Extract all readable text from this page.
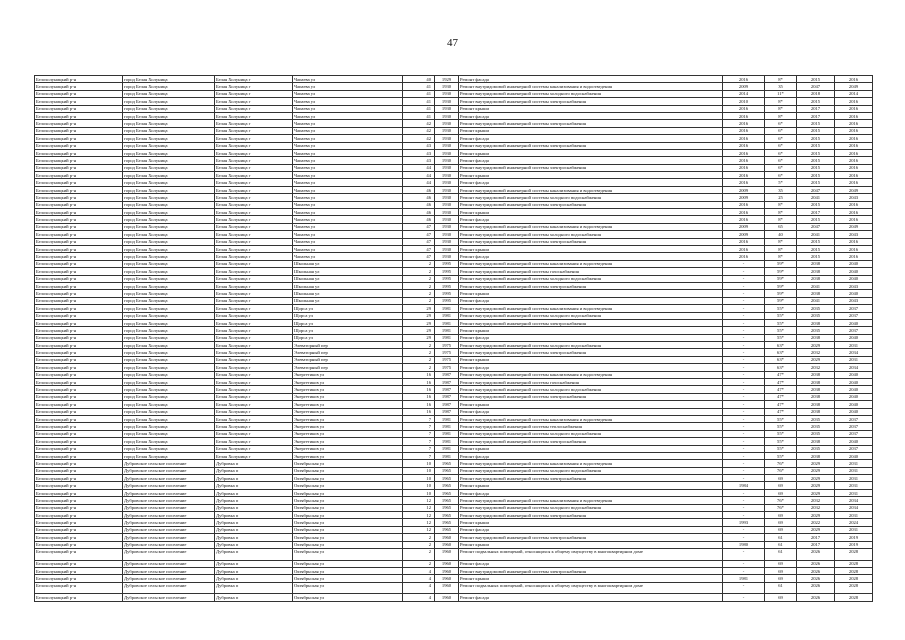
47
Белохолуницкий р-н	город Белая Холуница	Белая Холуница г	Чапаева ул	40	1929	Ремонт фасада	2016	8*	2015	2016
Белохолуницкий р-н	город Белая Холуница	Белая Холуница г	Чапаева ул	41	1930	Ремонт внутридомовой инженерной системы канализования и водоотведения	2009	35	2047	2049
Белохолуницкий р-н	город Белая Холуница	Белая Холуница г	Чапаева ул	41	1930	Ремонт внутридомовой инженерной системы холодного водоснабжения	2014	11*	2018	2014
Белохолуницкий р-н	город Белая Холуница	Белая Холуница г	Чапаева ул	41	1930	Ремонт внутридомовой инженерной системы электроснабжения	2010	8*	2015	2016
Белохолуницкий р-н	город Белая Холуница	Белая Холуница г	Чапаева ул	41	1930	Ремонт крыши	2016	8*	2017	2016
Белохолуницкий р-н	город Белая Холуница	Белая Холуница г	Чапаева ул	41	1930	Ремонт фасада	2016	8*	2017	2016
Белохолуницкий р-н	город Белая Холуница	Белая Холуница г	Чапаева ул	42	1930	Ремонт внутридомовой инженерной системы электроснабжения	2016	6*	2015	2016
Белохолуницкий р-н	город Белая Холуница	Белая Холуница г	Чапаева ул	42	1930	Ремонт крыши	2016	6*	2015	2016
Белохолуницкий р-н	город Белая Холуница	Белая Холуница г	Чапаева ул	42	1930	Ремонт фасада	2016	6*	2015	2016
Белохолуницкий р-н	город Белая Холуница	Белая Холуница г	Чапаева ул	43	1930	Ремонт внутридомовой инженерной системы электроснабжения	2016	6*	2015	2016
Белохолуницкий р-н	город Белая Холуница	Белая Холуница г	Чапаева ул	43	1930	Ремонт крыши	2016	6*	2015	2016
Белохолуницкий р-н	город Белая Холуница	Белая Холуница г	Чапаева ул	43	1930	Ремонт фасада	2016	6*	2015	2016
Белохолуницкий р-н	город Белая Холуница	Белая Холуница г	Чапаева ул	44	1930	Ремонт внутридомовой инженерной системы электроснабжения	2016	6*	2015	2016
Белохолуницкий р-н	город Белая Холуница	Белая Холуница г	Чапаева ул	44	1930	Ремонт крыши	2016	6*	2015	2016
Белохолуницкий р-н	город Белая Холуница	Белая Холуница г	Чапаева ул	44	1930	Ремонт фасада	2016	5*	2015	2016
Белохолуницкий р-н	город Белая Холуница	Белая Холуница г	Чапаева ул	46	1930	Ремонт внутридомовой инженерной системы канализования и водоотведения	2009	35	2047	2049
Белохолуницкий р-н	город Белая Холуница	Белая Холуница г	Чапаева ул	46	1930	Ремонт внутридомовой инженерной системы холодного водоснабжения	2009	25	2041	2043
Белохолуницкий р-н	город Белая Холуница	Белая Холуница г	Чапаева ул	46	1930	Ремонт внутридомовой инженерной системы электроснабжения	2016	8*	2015	2016
Белохолуницкий р-н	город Белая Холуница	Белая Холуница г	Чапаева ул	46	1930	Ремонт крыши	2016	8*	2017	2016
Белохолуницкий р-н	город Белая Холуница	Белая Холуница г	Чапаева ул	46	1930	Ремонт фасада	2016	8*	2015	2016
Белохолуницкий р-н	город Белая Холуница	Белая Холуница г	Чапаева ул	47	1930	Ремонт внутридомовой инженерной системы канализования и водоотведения	2009	65	2047	2049
Белохолуницкий р-н	город Белая Холуница	Белая Холуница г	Чапаева ул	47	1930	Ремонт внутридомовой инженерной системы холодного водоснабжения	2009	40	2041	2043
Белохолуницкий р-н	город Белая Холуница	Белая Холуница г	Чапаева ул	47	1930	Ремонт внутридомовой инженерной системы электроснабжения	2016	8*	2015	2016
Белохолуницкий р-н	город Белая Холуница	Белая Холуница г	Чапаева ул	47	1930	Ремонт крыши	2016	8*	2015	2016
Белохолуницкий р-н	город Белая Холуница	Белая Холуница г	Чапаева ул	47	1930	Ремонт фасада	2016	8*	2015	2016
Белохолуницкий р-н	город Белая Холуница	Белая Холуница г	Школьная ул	2	1995	Ремонт внутридомовой инженерной системы канализования и водоотведения	-	59*	2038	2040
Белохолуницкий р-н	город Белая Холуница	Белая Холуница г	Школьная ул	2	1995	Ремонт внутридомовой инженерной системы газоснабжения	-	59*	2038	2040
Белохолуницкий р-н	город Белая Холуница	Белая Холуница г	Школьная ул	2	1995	Ремонт внутридомовой инженерной системы холодного водоснабжения	-	59*	2038	2040
Белохолуницкий р-н	город Белая Холуница	Белая Холуница г	Школьная ул	2	1995	Ремонт внутридомовой инженерной системы электроснабжения	-	59*	2041	2043
Белохолуницкий р-н	город Белая Холуница	Белая Холуница г	Школьная ул	2	1995	Ремонт крыши	-	59*	2038	2040
Белохолуницкий р-н	город Белая Холуница	Белая Холуница г	Школьная ул	2	1995	Ремонт фасада	-	59*	2041	2043
Белохолуницкий р-н	город Белая Холуница	Белая Холуница г	Щорса ул	29	1981	Ремонт внутридомовой инженерной системы канализования и водоотведения	-	55*	2035	2037
Белохолуницкий р-н	город Белая Холуница	Белая Холуница г	Щорса ул	29	1981	Ремонт внутридомовой инженерной системы холодного водоснабжения	-	55*	2035	2037
Белохолуницкий р-н	город Белая Холуница	Белая Холуница г	Щорса ул	29	1981	Ремонт внутридомовой инженерной системы электроснабжения	-	55*	2038	2040
Белохолуницкий р-н	город Белая Холуница	Белая Холуница г	Щорса ул	29	1981	Ремонт крыши	-	55*	2035	2037
Белохолуницкий р-н	город Белая Холуница	Белая Холуница г	Щорса ул	29	1981	Ремонт фасада	-	55*	2038	2040
Белохолуницкий р-н	город Белая Холуница	Белая Холуница г	Элеваторный пер	2	1975	Ремонт внутридомовой инженерной системы холодного водоснабжения	-	63*	2029	2031
Белохолуницкий р-н	город Белая Холуница	Белая Холуница г	Элеваторный пер	2	1975	Ремонт внутридомовой инженерной системы электроснабжения	-	63*	2032	2034
Белохолуницкий р-н	город Белая Холуница	Белая Холуница г	Элеваторный пер	2	1975	Ремонт крыши	-	63*	2029	2031
Белохолуницкий р-н	город Белая Холуница	Белая Холуница г	Элеваторный пер	2	1975	Ремонт фасада	-	63*	2032	2034
Белохолуницкий р-н	город Белая Холуница	Белая Холуница г	Энергетиков ул	16	1987	Ремонт внутридомовой инженерной системы канализования и водоотведения	-	47*	2038	2040
Белохолуницкий р-н	город Белая Холуница	Белая Холуница г	Энергетиков ул	16	1987	Ремонт внутридомовой инженерной системы газоснабжения	-	47*	2038	2040
Белохолуницкий р-н	город Белая Холуница	Белая Холуница г	Энергетиков ул	16	1987	Ремонт внутридомовой инженерной системы холодного водоснабжения	-	47*	2038	2040
Белохолуницкий р-н	город Белая Холуница	Белая Холуница г	Энергетиков ул	16	1987	Ремонт внутридомовой инженерной системы электроснабжения	-	47*	2038	2040
Белохолуницкий р-н	город Белая Холуница	Белая Холуница г	Энергетиков ул	16	1987	Ремонт крыши	-	47*	2038	2040
Белохолуницкий р-н	город Белая Холуница	Белая Холуница г	Энергетиков ул	16	1987	Ремонт фасада	-	47*	2038	2040
Белохолуницкий р-н	город Белая Холуница	Белая Холуница г	Энергетиков ул	7	1981	Ремонт внутридомовой инженерной системы канализования и водоотведения	-	55*	2035	2037
Белохолуницкий р-н	город Белая Холуница	Белая Холуница г	Энергетиков ул	7	1981	Ремонт внутридомовой инженерной системы теплоснабжения	-	55*	2035	2037
Белохолуницкий р-н	город Белая Холуница	Белая Холуница г	Энергетиков ул	7	1981	Ремонт внутридомовой инженерной системы холодного водоснабжения	-	55*	2035	2037
Белохолуницкий р-н	город Белая Холуница	Белая Холуница г	Энергетиков ул	7	1981	Ремонт внутридомовой инженерной системы электроснабжения	-	55*	2038	2040
Белохолуницкий р-н	город Белая Холуница	Белая Холуница г	Энергетиков ул	7	1981	Ремонт крыши	-	55*	2035	2037
Белохолуницкий р-н	город Белая Холуница	Белая Холуница г	Энергетиков ул	7	1981	Ремонт фасада	-	55*	2038	2040
Белохолуницкий р-н	Дубровское сельское поселение	Дубровка п	Октябрьская ул	10	1965	Ремонт внутридомовой инженерной системы канализования и водоотведения	-	76*	2029	2031
Белохолуницкий р-н	Дубровское сельское поселение	Дубровка п	Октябрьская ул	10	1965	Ремонт внутридомовой инженерной системы холодного водоснабжения	-	76*	2029	2031
Белохолуницкий р-н	Дубровское сельское поселение	Дубровка п	Октябрьская ул	10	1965	Ремонт внутридомовой инженерной системы электроснабжения	-	69	2029	2031
Белохолуницкий р-н	Дубровское сельское поселение	Дубровка п	Октябрьская ул	10	1965	Ремонт крыши	1984	69	2029	2031
Белохолуницкий р-н	Дубровское сельское поселение	Дубровка п	Октябрьская ул	10	1965	Ремонт фасада	-	69	2029	2031
Белохолуницкий р-н	Дубровское сельское поселение	Дубровка п	Октябрьская ул	12	1965	Ремонт внутридомовой инженерной системы канализования и водоотведения	-	76*	2032	2034
Белохолуницкий р-н	Дубровское сельское поселение	Дубровка п	Октябрьская ул	12	1965	Ремонт внутридомовой инженерной системы холодного водоснабжения	-	76*	2032	2034
Белохолуницкий р-н	Дубровское сельское поселение	Дубровка п	Октябрьская ул	12	1965	Ремонт внутридомовой инженерной системы электроснабжения	-	69	2029	2031
Белохолуницкий р-н	Дубровское сельское поселение	Дубровка п	Октябрьская ул	12	1965	Ремонт крыши	1993	69	2022	2024
Белохолуницкий р-н	Дубровское сельское поселение	Дубровка п	Октябрьская ул	12	1965	Ремонт фасада	-	69	2029	2031
Белохолуницкий р-н	Дубровское сельское поселение	Дубровка п	Октябрьская ул	2	1960	Ремонт внутридомовой инженерной системы электроснабжения	-	61	2017	2019
Белохолуницкий р-н	Дубровское сельское поселение	Дубровка п	Октябрьская ул	2	1960	Ремонт крыши	1980	61	2017	2019
Белохолуницкий р-н	Дубровское сельское поселение	Дубровка п	Октябрьская ул	2	1960	Ремонт подвальных помещений, относящихся к общему имуществу в многоквартирном доме	-	61	2026	2028
Белохолуницкий р-н	Дубровское сельское поселение	Дубровка п	Октябрьская ул	2	1960	Ремонт фасада	-	69	2026	2028
Белохолуницкий р-н	Дубровское сельское поселение	Дубровка п	Октябрьская ул	4	1960	Ремонт внутридомовой инженерной системы электроснабжения	-	69	2026	2028
Белохолуницкий р-н	Дубровское сельское поселение	Дубровка п	Октябрьская ул	4	1960	Ремонт крыши	1981	69	2026	2028
Белохолуницкий р-н	Дубровское сельское поселение	Дубровка п	Октябрьская ул	4	1960	Ремонт подвальных помещений, относящихся к общему имуществу в многоквартирном доме	-	61	2026	2028
Белохолуницкий р-н	Дубровское сельское поселение	Дубровка п	Октябрьская ул	4	1960	Ремонт фасада	-	69	2026	2028
